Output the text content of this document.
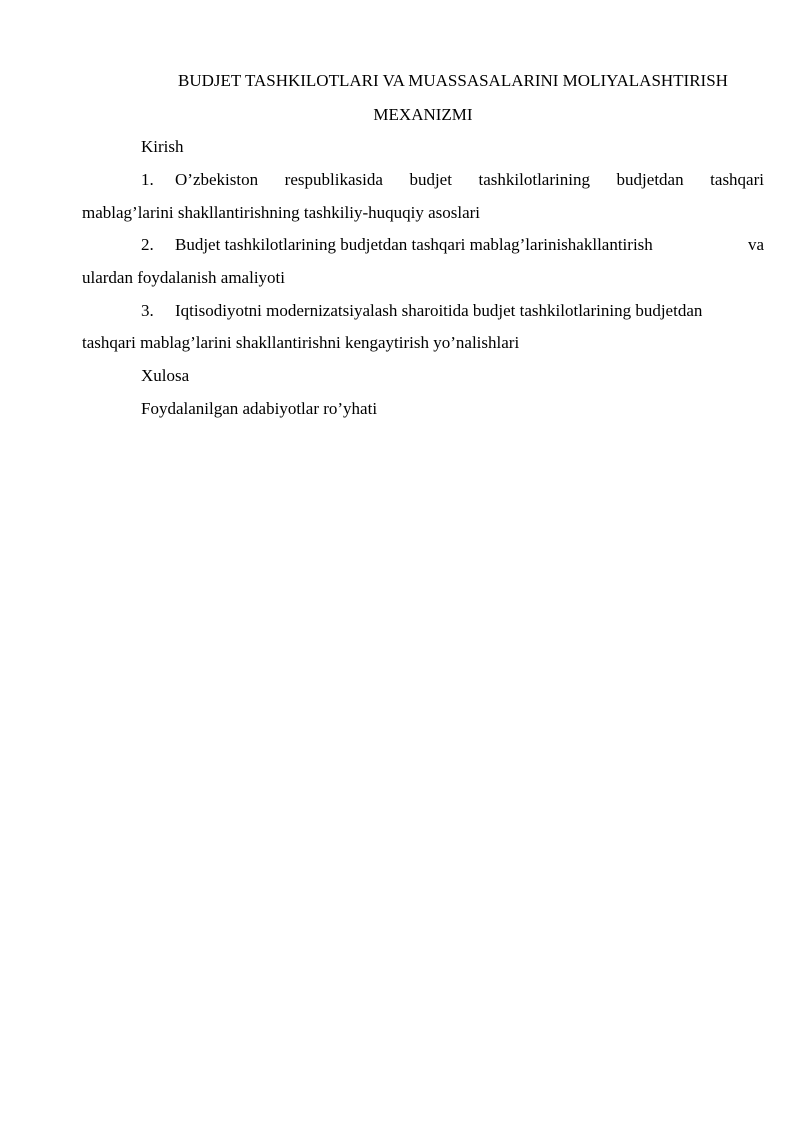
BUDJET TASHKILOTLARI VA MUASSASALARINI MOLIYALASHTIRISH
MEXANIZMI

Kirish

1. O’zbekiston respublikasida budjet tashkilotlarining budjetdan tashqari

mablag’larini shakllantirishning tashkiliy-huquqiy asoslari

2. Budjet tashkilotlarining budjetdan tashqari mablag’larinishakllantirish	va

ulardan foydalanish amaliyoti

3. Iqtisodiyotni modernizatsiyalash sharoitida budjet tashkilotlarining budjetdan

tashqari mablag’larini shakllantirishni kengaytirish yo’nalishlari

Xulosa

Foydalanilgan adabiyotlar ro’yhati
